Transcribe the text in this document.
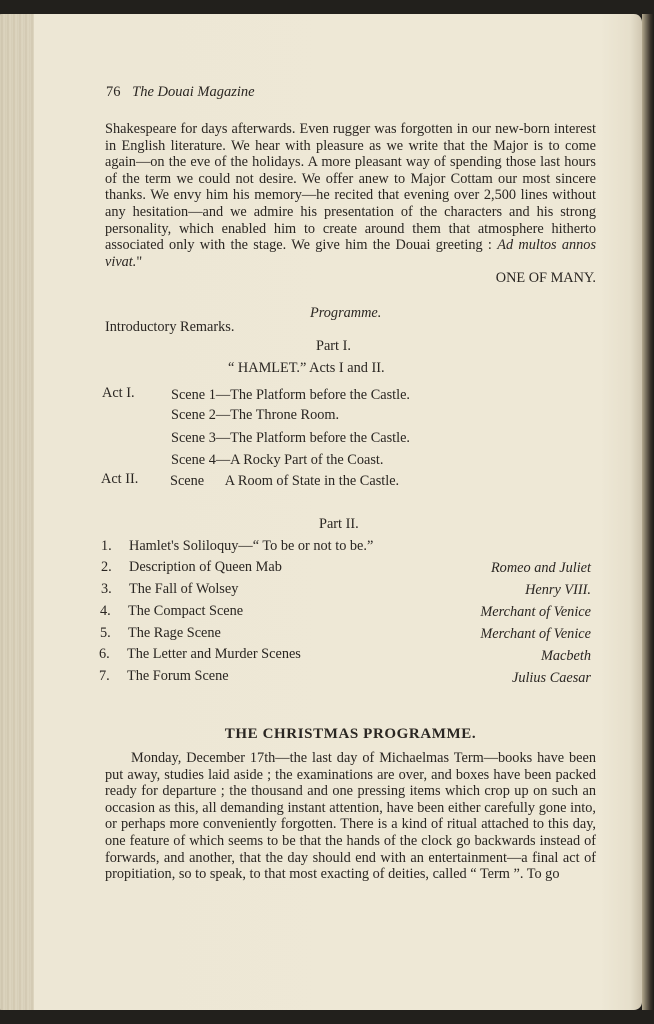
76 The Douai Magazine

Shakespeare for days afterwards. Even rugger was forgotten in our new-born interest in English literature. We hear with pleasure as we write that the Major is to come again—on the eve of the holidays. A more pleasant way of spending those last hours of the term we could not desire. We offer anew to Major Cottam our most sincere thanks. We envy him his memory—he recited that evening over 2,500 lines without any hesitation—and we admire his presentation of the characters and his strong personality, which enabled him to create around them that atmosphere hitherto associated only with the stage. We give him the Douai greeting : Ad multos annos vivat."
ONE OF MANY.

Programme.
Introductory Remarks.
Part I.
“ HAMLET.” Acts I and II.
Act I.	Scene 1—The Platform before the Castle.
Scene 2—The Throne Room.
Scene 3—The Platform before the Castle.
Scene 4—A Rocky Part of the Coast.
Act II. Scene      A Room of State in the Castle.
Part II.
1. Hamlet's Soliloquy—“ To be or not to be.”
2. Description of Queen Mab	Romeo and Juliet
3. The Fall of Wolsey	Henry VIII.
4. The Compact Scene	Merchant of Venice
5. The Rage Scene	Merchant of Venice
6. The Letter and Murder Scenes	Macbeth
7. The Forum Scene	Julius Caesar
THE CHRISTMAS PROGRAMME.

Monday, December 17th—the last day of Michaelmas Term—books have been put away, studies laid aside ; the examinations are over, and boxes have been packed ready for departure ; the thousand and one pressing items which crop up on such an occasion as this, all demanding instant attention, have been either carefully gone into, or perhaps more conveniently forgotten. There is a kind of ritual attached to this day, one feature of which seems to be that the hands of the clock go backwards instead of forwards, and another, that the day should end with an entertainment—a final act of propitiation, so to speak, to that most exacting of deities, called “ Term ”. To go
